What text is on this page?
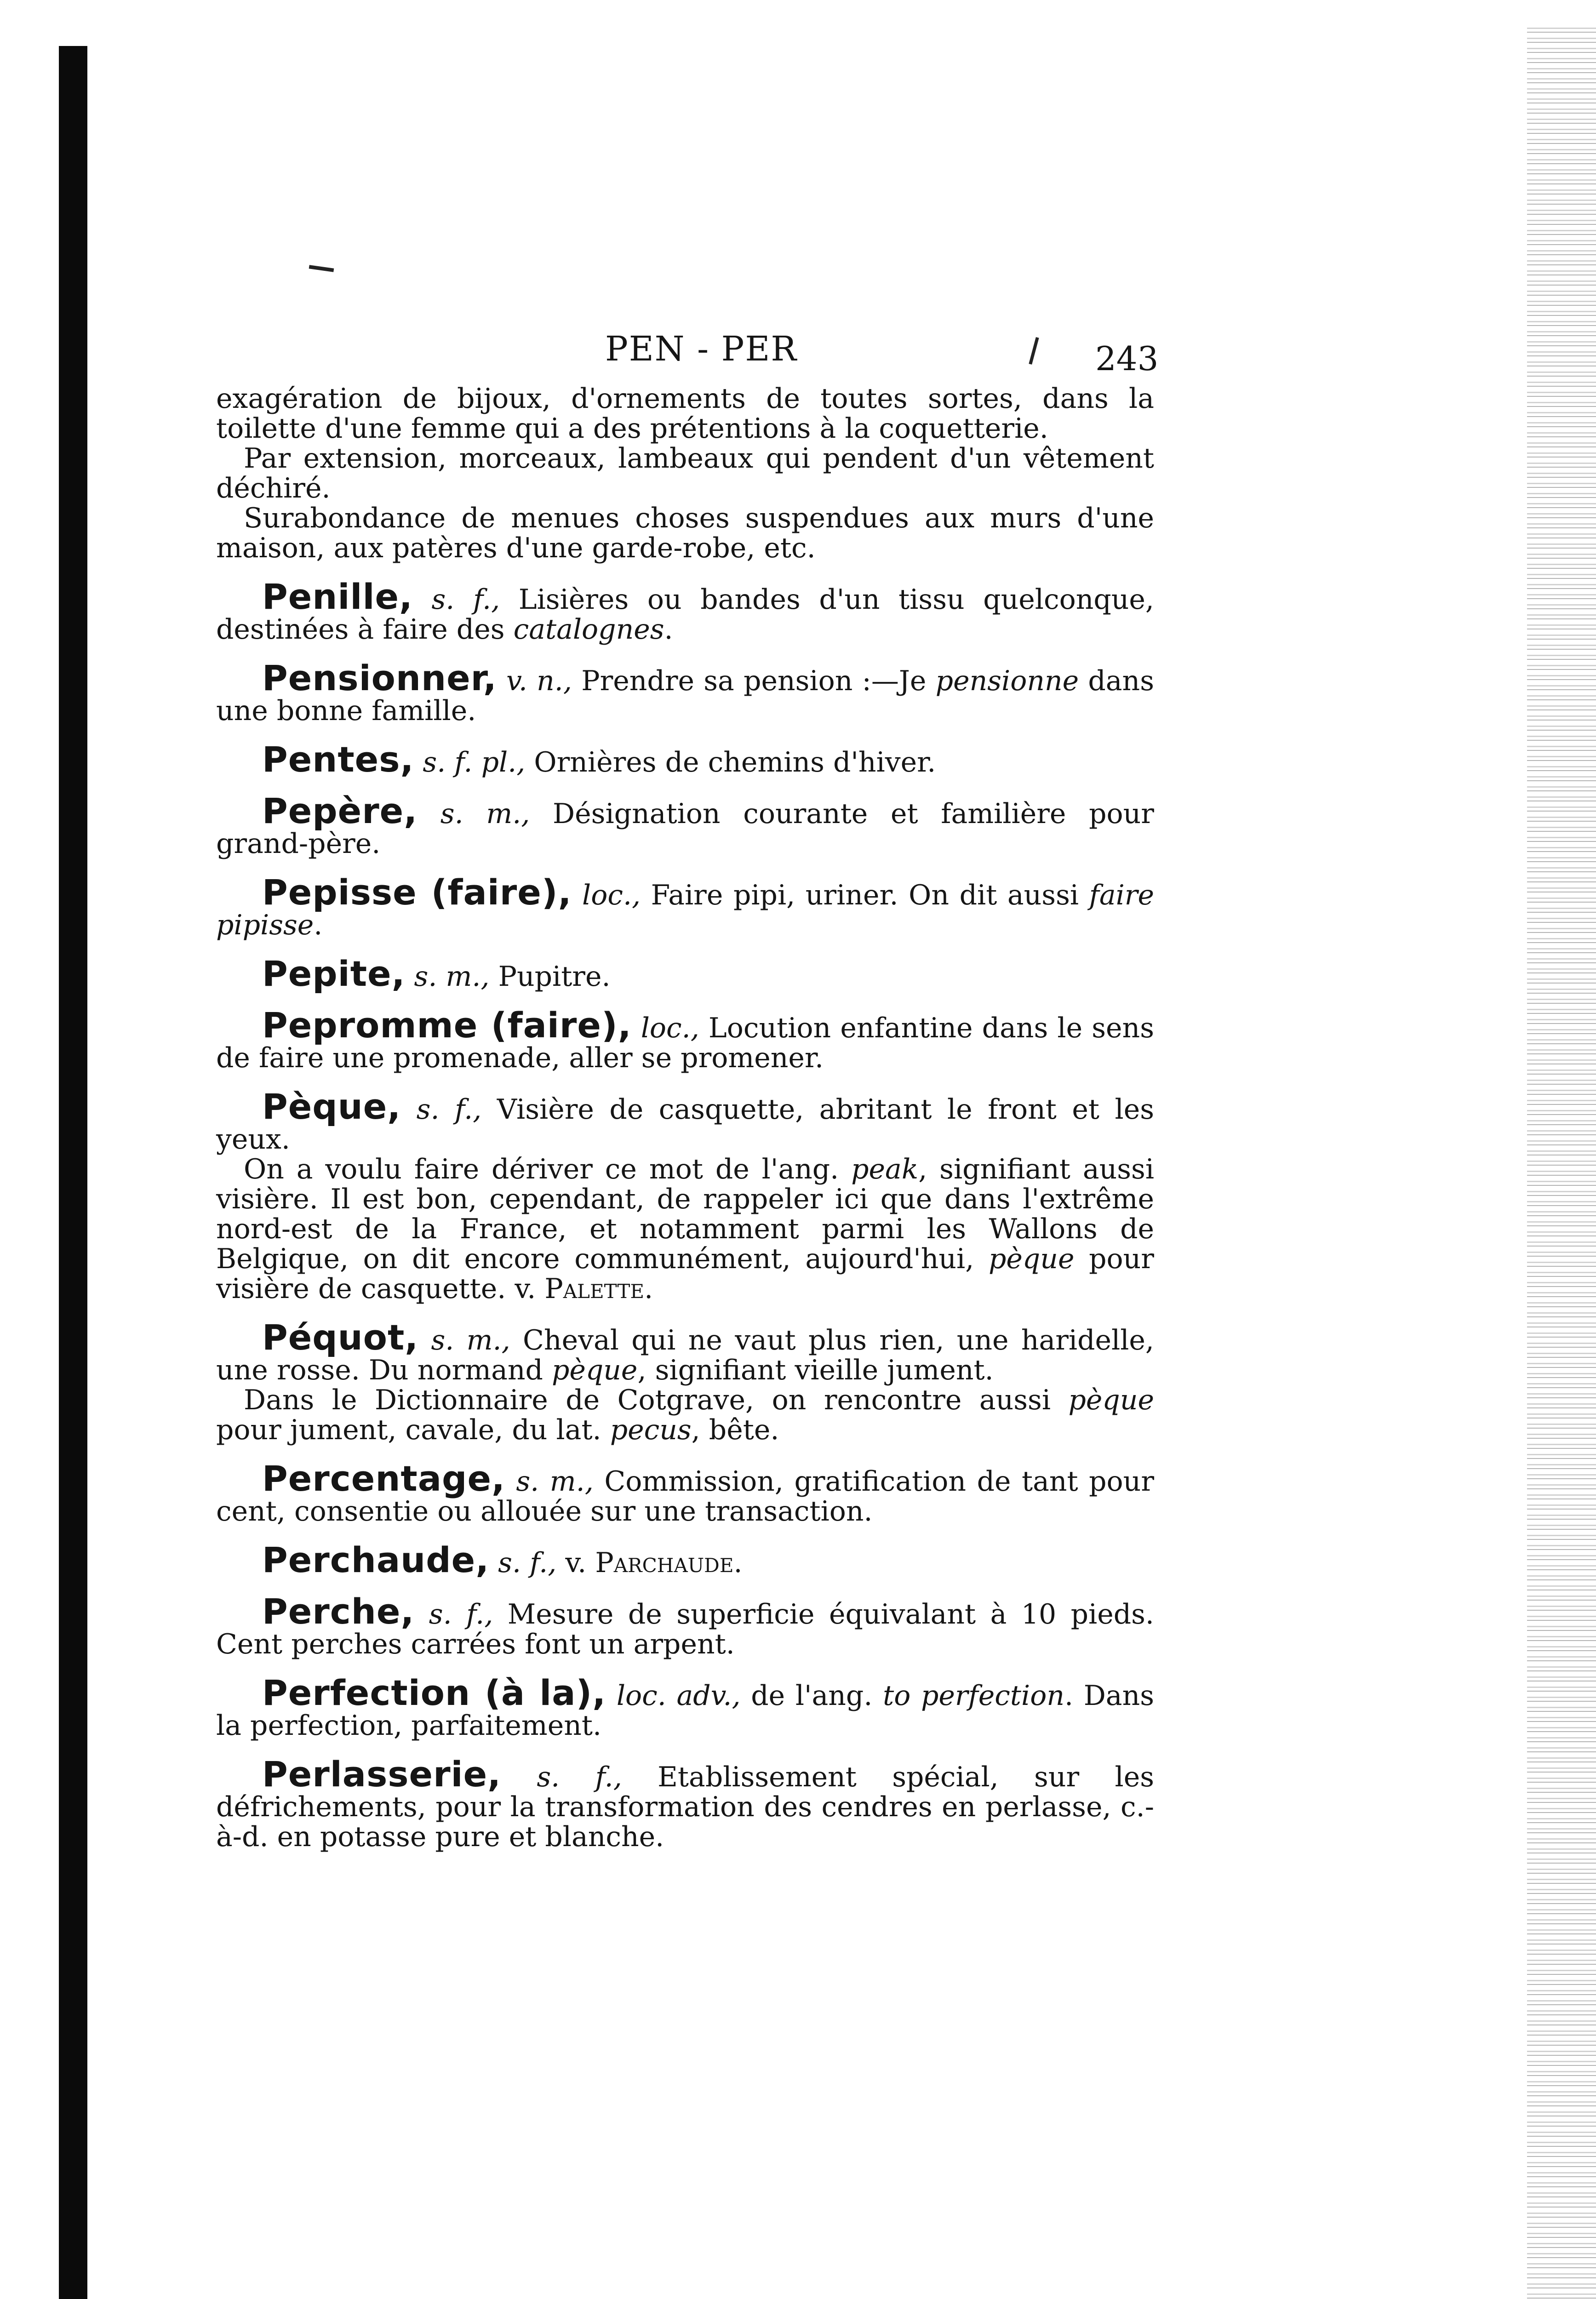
PEN - PER	243

exagération de bijoux, d'ornements de toutes sortes, dans la toilette d'une femme qui a des prétentions à la coquetterie.

Par extension, morceaux, lambeaux qui pendent d'un vêtement déchiré.

Surabondance de menues choses suspendues aux murs d'une maison, aux patères d'une garde-robe, etc.

Penille, s. f., Lisières ou bandes d'un tissu quelconque, destinées à faire des catalognes.

Pensionner, v. n., Prendre sa pension :—Je pensionne dans une bonne famille.

Pentes, s. f. pl., Ornières de chemins d'hiver.

Pepère, s. m., Désignation courante et familière pour grand-père.

Pepisse (faire), loc., Faire pipi, uriner. On dit aussi faire pipisse.

Pepite, s. m., Pupitre.

Pepromme (faire), loc., Locution enfantine dans le sens de faire une promenade, aller se promener.

Pèque, s. f., Visière de casquette, abritant le front et les yeux.

On a voulu faire dériver ce mot de l'ang. peak, signifiant aussi visière. Il est bon, cependant, de rappeler ici que dans l'extrême nord-est de la France, et notamment parmi les Wallons de Belgique, on dit encore communément, aujourd'hui, pèque pour visière de casquette. v. Palette.

Péquot, s. m., Cheval qui ne vaut plus rien, une haridelle, une rosse. Du normand pèque, signifiant vieille jument.

Dans le Dictionnaire de Cotgrave, on rencontre aussi pèque pour jument, cavale, du lat. pecus, bête.

Percentage, s. m., Commission, gratification de tant pour cent, consentie ou allouée sur une transaction.

Perchaude, s. f., v. Parchaude.

Perche, s. f., Mesure de superficie équivalant à 10 pieds. Cent perches carrées font un arpent.

Perfection (à la), loc. adv., de l'ang. to perfection. Dans la perfection, parfaitement.

Perlasserie, s. f., Etablissement spécial, sur les défrichements, pour la transformation des cendres en perlasse, c.-à-d. en potasse pure et blanche.
